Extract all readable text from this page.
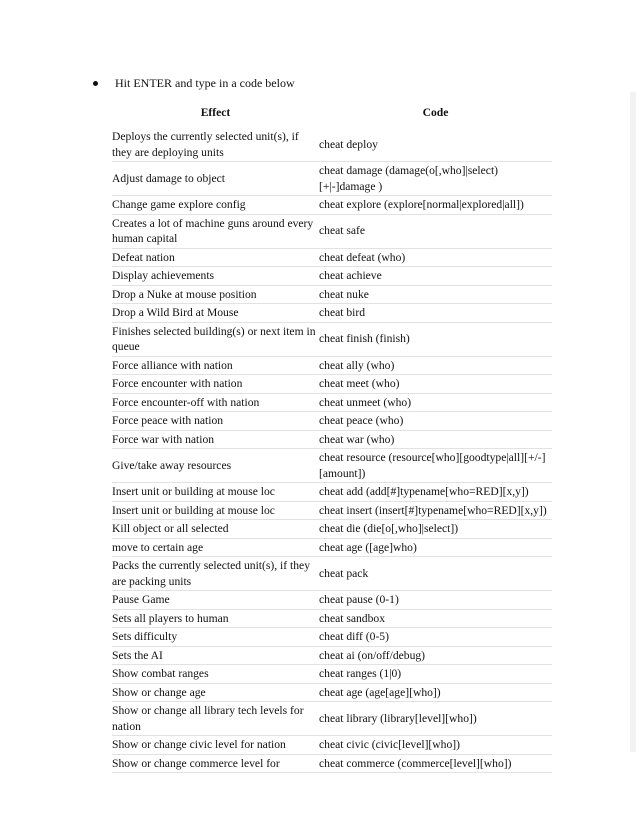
Hit ENTER and type in a code below
Effect	Code
Deploys the currently selected unit(s), if they are deploying units	cheat deploy
Adjust damage to object	cheat damage (damage(o[,who]|select)[+|-]damage )
Change game explore config	cheat explore (explore[normal|explored|all])
Creates a lot of machine guns around every human capital	cheat safe
Defeat nation	cheat defeat (who)
Display achievements	cheat achieve
Drop a Nuke at mouse position	cheat nuke
Drop a Wild Bird at Mouse	cheat bird
Finishes selected building(s) or next item in queue	cheat finish (finish)
Force alliance with nation	cheat ally (who)
Force encounter with nation	cheat meet (who)
Force encounter-off with nation	cheat unmeet (who)
Force peace with nation	cheat peace (who)
Force war with nation	cheat war (who)
Give/take away resources	cheat resource (resource[who][goodtype|all][+/-][amount])
Insert unit or building at mouse loc	cheat add (add[#]typename[who=RED][x,y])
Insert unit or building at mouse loc	cheat insert (insert[#]typename[who=RED][x,y])
Kill object or all selected	cheat die (die[o[,who]|select])
move to certain age	cheat age ([age]who)
Packs the currently selected unit(s), if they are packing units	cheat pack
Pause Game	cheat pause (0-1)
Sets all players to human	cheat sandbox
Sets difficulty	cheat diff (0-5)
Sets the AI	cheat ai (on/off/debug)
Show combat ranges	cheat ranges (1|0)
Show or change age	cheat age (age[age][who])
Show or change all library tech levels for nation	cheat library (library[level][who])
Show or change civic level for nation	cheat civic (civic[level][who])
Show or change commerce level for	cheat commerce (commerce[level][who])
